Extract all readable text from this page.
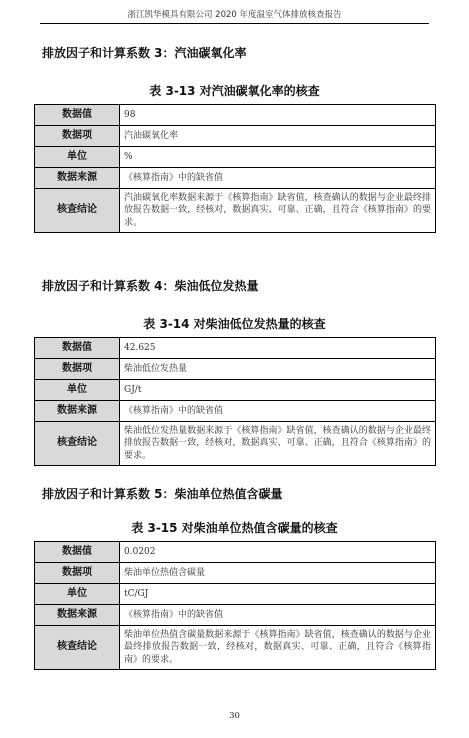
浙江凯华模具有限公司 2020 年度温室气体排放核查报告
排放因子和计算系数 3：汽油碳氧化率
表 3-13 对汽油碳氧化率的核查
数据值	98
数据项	汽油碳氧化率
单位	%
数据来源	《核算指南》中的缺省值
核查结论	汽油碳氧化率数据来源于《核算指南》缺省值，核查确认的数据与企业最终排放报告数据一致，经核对，数据真实、可靠、正确，且符合《核算指南》的要求。
排放因子和计算系数 4：柴油低位发热量
表 3-14 对柴油低位发热量的核查
数据值	42.625
数据项	柴油低位发热量
单位	GJ/t
数据来源	《核算指南》中的缺省值
核查结论	柴油低位发热量数据来源于《核算指南》缺省值，核查确认的数据与企业最终排放报告数据一致，经核对，数据真实、可靠、正确，且符合《核算指南》的要求。
排放因子和计算系数 5：柴油单位热值含碳量
表 3-15 对柴油单位热值含碳量的核查
数据值	0.0202
数据项	柴油单位热值含碳量
单位	tC/GJ
数据来源	《核算指南》中的缺省值
核查结论	柴油单位热值含碳量数据来源于《核算指南》缺省值，核查确认的数据与企业最终排放报告数据一致，经核对，数据真实、可靠、正确，且符合《核算指南》的要求。
30
